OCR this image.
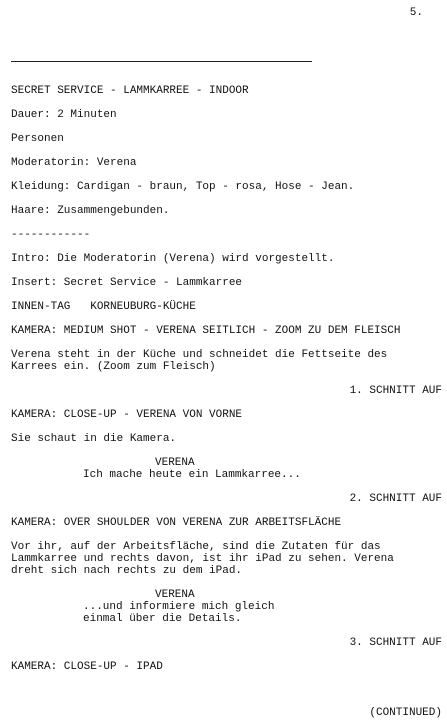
5.
SECRET SERVICE - LAMMKARREE - INDOOR
Dauer: 2 Minuten
Personen
Moderatorin: Verena
Kleidung: Cardigan - braun, Top - rosa, Hose - Jean.
Haare: Zusammengebunden.
------------
Intro: Die Moderatorin (Verena) wird vorgestellt.
Insert: Secret Service - Lammkarree
INNEN-TAG   KORNEUBURG-KÜCHE
KAMERA: MEDIUM SHOT - VERENA SEITLICH - ZOOM ZU DEM FLEISCH
Verena steht in der Küche und schneidet die Fettseite des
Karrees ein. (Zoom zum Fleisch)
1. SCHNITT AUF
KAMERA: CLOSE-UP - VERENA VON VORNE
Sie schaut in die Kamera.
VERENA
Ich mache heute ein Lammkarree...
2. SCHNITT AUF
KAMERA: OVER SHOULDER VON VERENA ZUR ARBEITSFLÄCHE
Vor ihr, auf der Arbeitsfläche, sind die Zutaten für das
Lammkarree und rechts davon, ist ihr iPad zu sehen. Verena
dreht sich nach rechts zu dem iPad.
VERENA
...und informiere mich gleich
einmal über die Details.
3. SCHNITT AUF
KAMERA: CLOSE-UP - IPAD
(CONTINUED)
